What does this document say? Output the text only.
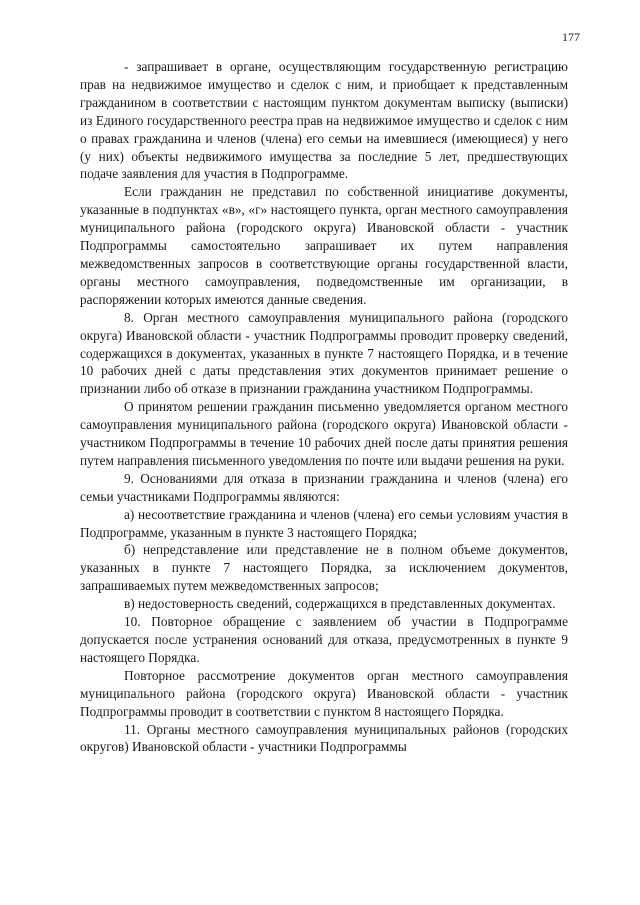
177

- запрашивает в органе, осуществляющим государственную регистрацию прав на недвижимое имущество и сделок с ним, и приобщает к представленным гражданином в соответствии с настоящим пунктом документам выписку (выписки) из Единого государственного реестра прав на недвижимое имущество и сделок с ним о правах гражданина и членов (члена) его семьи на имевшиеся (имеющиеся) у него (у них) объекты недвижимого имущества за последние 5 лет, предшествующих подаче заявления для участия в Подпрограмме.

Если гражданин не представил по собственной инициативе документы, указанные в подпунктах «в», «г» настоящего пункта, орган местного самоуправления муниципального района (городского округа) Ивановской области - участник Подпрограммы самостоятельно запрашивает их путем направления межведомственных запросов в соответствующие органы государственной власти, органы местного самоуправления, подведомственные им организации, в распоряжении которых имеются данные сведения.

8. Орган местного самоуправления муниципального района (городского округа) Ивановской области - участник Подпрограммы проводит проверку сведений, содержащихся в документах, указанных в пункте 7 настоящего Порядка, и в течение 10 рабочих дней с даты представления этих документов принимает решение о признании либо об отказе в признании гражданина участником Подпрограммы.

О принятом решении гражданин письменно уведомляется органом местного самоуправления муниципального района (городского округа) Ивановской области - участником Подпрограммы в течение 10 рабочих дней после даты принятия решения путем направления письменного уведомления по почте или выдачи решения на руки.

9. Основаниями для отказа в признании гражданина и членов (члена) его семьи участниками Подпрограммы являются:

а) несоответствие гражданина и членов (члена) его семьи условиям участия в Подпрограмме, указанным в пункте 3 настоящего Порядка;

б) непредставление или представление не в полном объеме документов, указанных в пункте 7 настоящего Порядка, за исключением документов, запрашиваемых путем межведомственных запросов;

в) недостоверность сведений, содержащихся в представленных документах.

10. Повторное обращение с заявлением об участии в Подпрограмме допускается после устранения оснований для отказа, предусмотренных в пункте 9 настоящего Порядка.

Повторное рассмотрение документов орган местного самоуправления муниципального района (городского округа) Ивановской области - участник Подпрограммы проводит в соответствии с пунктом 8 настоящего Порядка.

11. Органы местного самоуправления муниципальных районов (городских округов) Ивановской области - участники Подпрограммы
